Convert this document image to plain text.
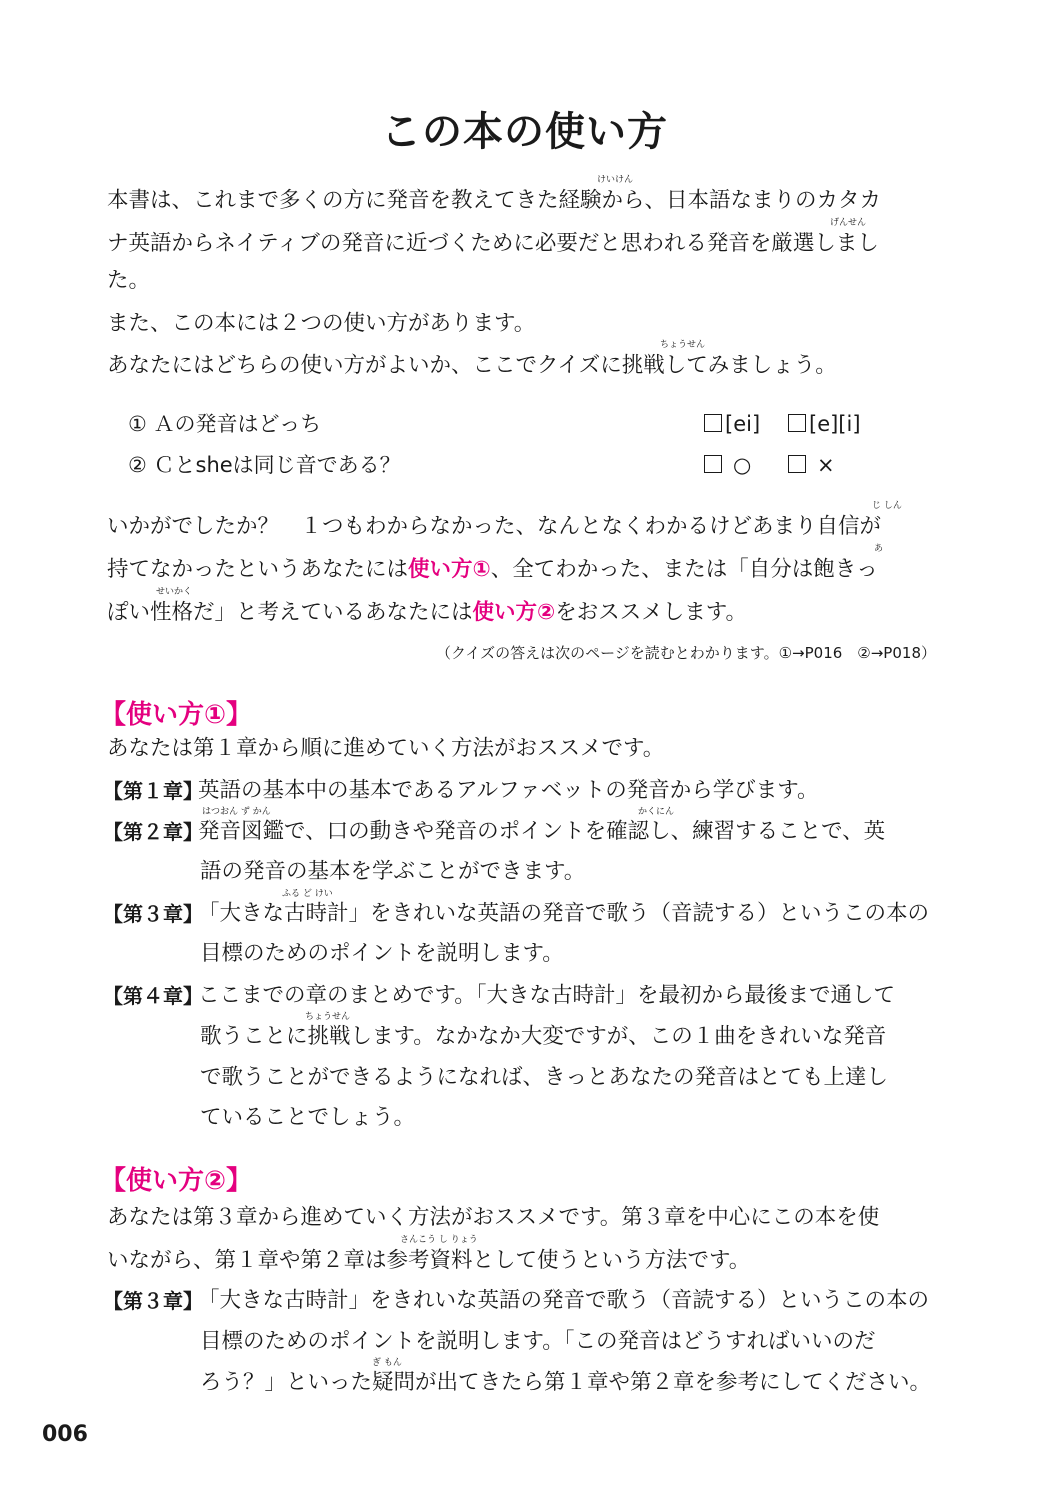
この本の使い方
けいけん
本書は、これまで多くの方に発音を教えてきた経験から、日本語なまりのカタカ
げんせん
ナ英語からネイティブの発音に近づくために必要だと思われる発音を厳選しまし
た。
また、この本には２つの使い方があります。
ちょうせん
あなたにはどちらの使い方がよいか、ここでクイズに挑戦してみましょう。
① Ａの発音はどっち	[ei]	[e][i]
② Ｃとsheは同じ音である？	○	×
じ しん
いかがでしたか？　１つもわからなかった、なんとなくわかるけどあまり自信が
あ
持てなかったというあなたには使い方①、全てわかった、または「自分は飽きっ
せいかく
ぽい性格だ」と考えているあなたには使い方②をおススメします。
（クイズの答えは次のページを読むとわかります。①→P016　②→P018）
【使い方①】
あなたは第１章から順に進めていく方法がおススメです。
【第１章】
英語の基本中の基本であるアルファベットの発音から学びます。
はつおん ず かん	かくにん
【第２章】
発音図鑑で、口の動きや発音のポイントを確認し、練習することで、英
語の発音の基本を学ぶことができます。
ふる ど けい
【第３章】
「大きな古時計」をきれいな英語の発音で歌う（音読する）というこの本の
目標のためのポイントを説明します。
【第４章】
ここまでの章のまとめです。「大きな古時計」を最初から最後まで通して
ちょうせん
歌うことに挑戦します。なかなか大変ですが、この１曲をきれいな発音
で歌うことができるようになれば、きっとあなたの発音はとても上達し
ていることでしょう。
【使い方②】
あなたは第３章から進めていく方法がおススメです。第３章を中心にこの本を使
さんこう し りょう
いながら、第１章や第２章は参考資料として使うという方法です。
【第３章】
「大きな古時計」をきれいな英語の発音で歌う（音読する）というこの本の
目標のためのポイントを説明します。「この発音はどうすればいいのだ
ぎ もん
ろう？」といった疑問が出てきたら第１章や第２章を参考にしてください。
006
